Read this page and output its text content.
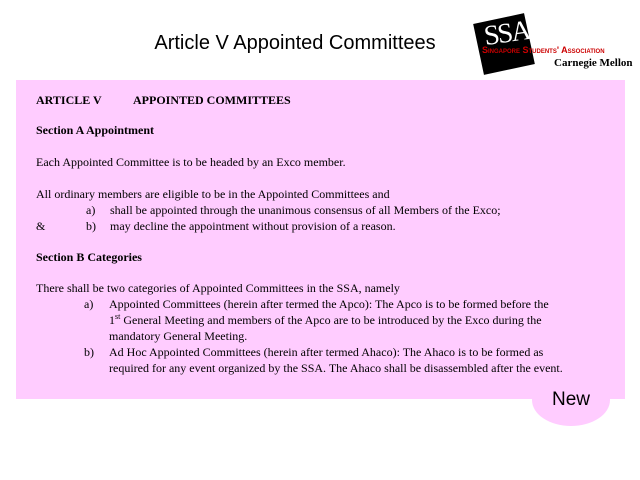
Article V Appointed Committees	SSA
Singapore Students' Association
Carnegie Mellon
ARTICLE V	APPOINTED COMMITTEES
Section A Appointment
Each Appointed Committee is to be headed by an Exco member.
All ordinary members are eligible to be in the Appointed Committees and
a) shall be appointed through the unanimous consensus of all Members of the Exco;
&	b) may decline the appointment without provision of a reason.
Section B Categories
There shall be two categories of Appointed Committees in the SSA, namely
a) Appointed Committees (herein after termed the Apco): The Apco is to be formed before the
1st General Meeting and members of the Apco are to be introduced by the Exco during the
mandatory General Meeting.
b) Ad Hoc Appointed Committees (herein after termed Ahaco): The Ahaco is to be formed as
required for any event organized by the SSA. The Ahaco shall be disassembled after the event.
New
